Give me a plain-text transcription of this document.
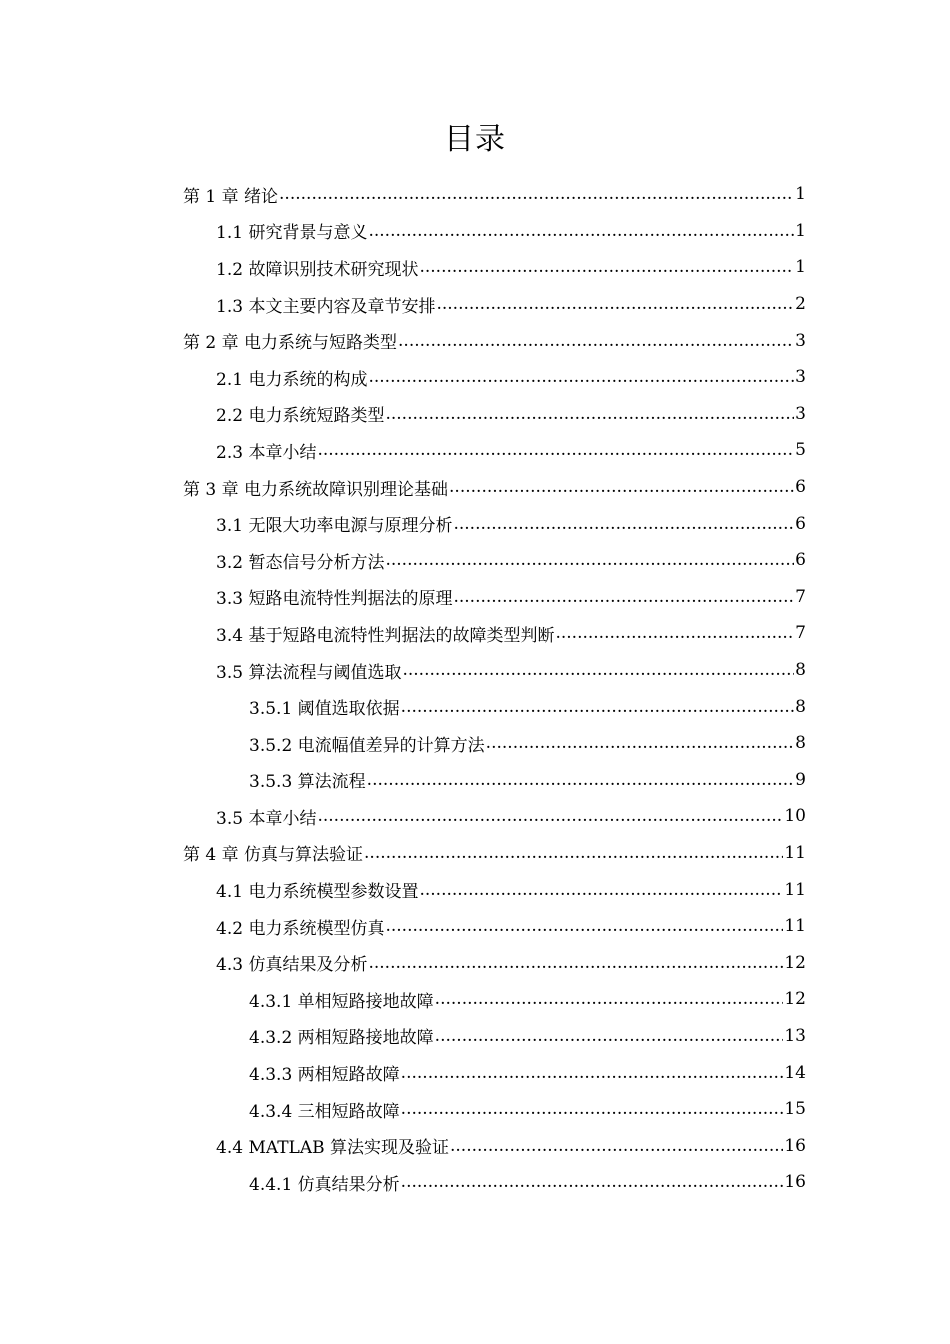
目录
第 1 章 绪论 .....	1
1.1 研究背景与意义 .....	1
1.2 故障识别技术研究现状 .....	1
1.3 本文主要内容及章节安排 .....	2
第 2 章 电力系统与短路类型 .....	3
2.1 电力系统的构成 .....	3
2.2 电力系统短路类型 .....	3
2.3 本章小结 .....	5
第 3 章 电力系统故障识别理论基础 .....	6
3.1 无限大功率电源与原理分析 .....	6
3.2 暂态信号分析方法 .....	6
3.3 短路电流特性判据法的原理 .....	7
3.4 基于短路电流特性判据法的故障类型判断 .....	7
3.5 算法流程与阈值选取 .....	8
3.5.1 阈值选取依据 .....	8
3.5.2 电流幅值差异的计算方法 .....	8
3.5.3 算法流程 .....	9
3.5 本章小结 .....	10
第 4 章 仿真与算法验证 .....	11
4.1 电力系统模型参数设置 .....	11
4.2 电力系统模型仿真 .....	11
4.3 仿真结果及分析 .....	12
4.3.1 单相短路接地故障 .....	12
4.3.2 两相短路接地故障 .....	13
4.3.3 两相短路故障 .....	14
4.3.4 三相短路故障 .....	15
4.4 MATLAB 算法实现及验证 .....	16
4.4.1 仿真结果分析 .....	16
